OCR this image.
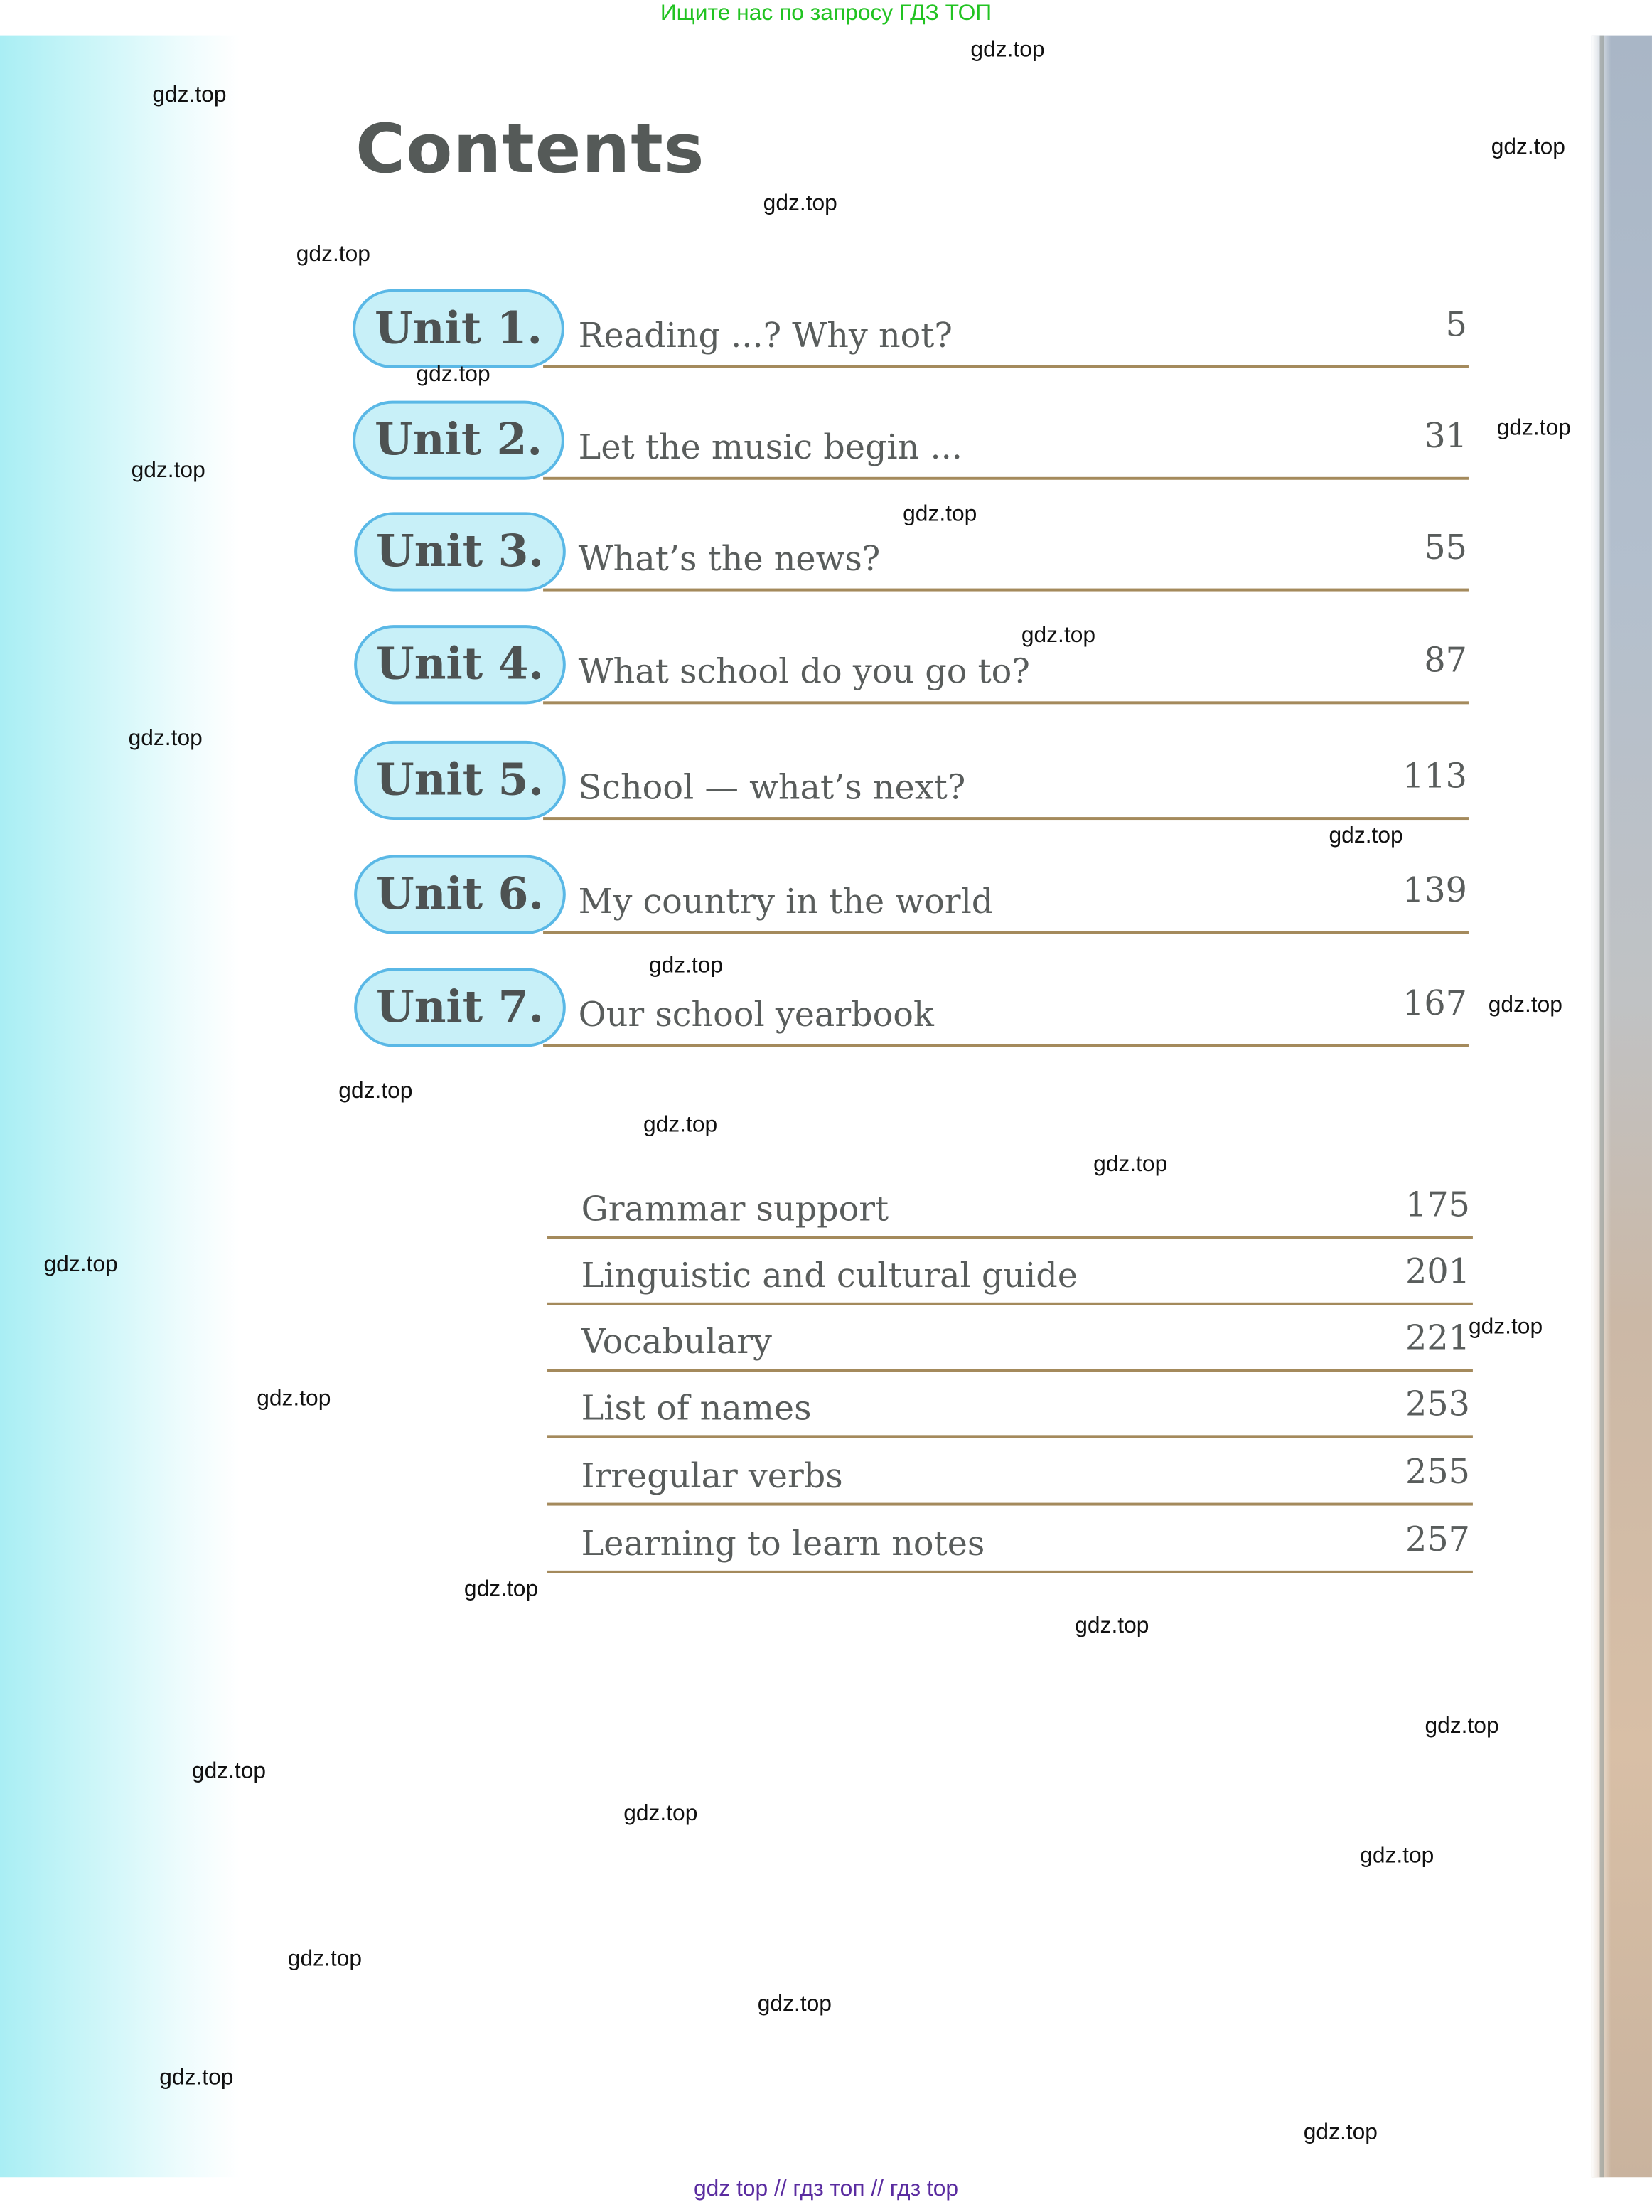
Ищите нас по запросу ГДЗ ТОП
Contents
Unit 1.	Reading ...? Why not?	5
Unit 2.	Let the music begin ...	31
Unit 3.	What’s the news?	55
Unit 4.	What school do you go to?	87
Unit 5.	School — what’s next?	113
Unit 6.	My country in the world	139
Unit 7.	Our school yearbook	167
Grammar support	175
Linguistic and cultural guide	201
Vocabulary	221
List of names	253
Irregular verbs	255
Learning to learn notes	257
gdz.top
gdz.top
gdz.top
gdz.top
gdz.top
gdz.top
gdz.top
gdz.top
gdz.top
gdz.top
gdz.top
gdz.top
gdz.top
gdz.top
gdz.top
gdz.top
gdz.top
gdz.top
gdz.top
gdz.top
gdz.top
gdz.top
gdz.top
gdz.top
gdz.top
gdz.top
gdz.top
gdz.top
gdz.top
gdz.top
gdz top // гдз топ // гдз top
